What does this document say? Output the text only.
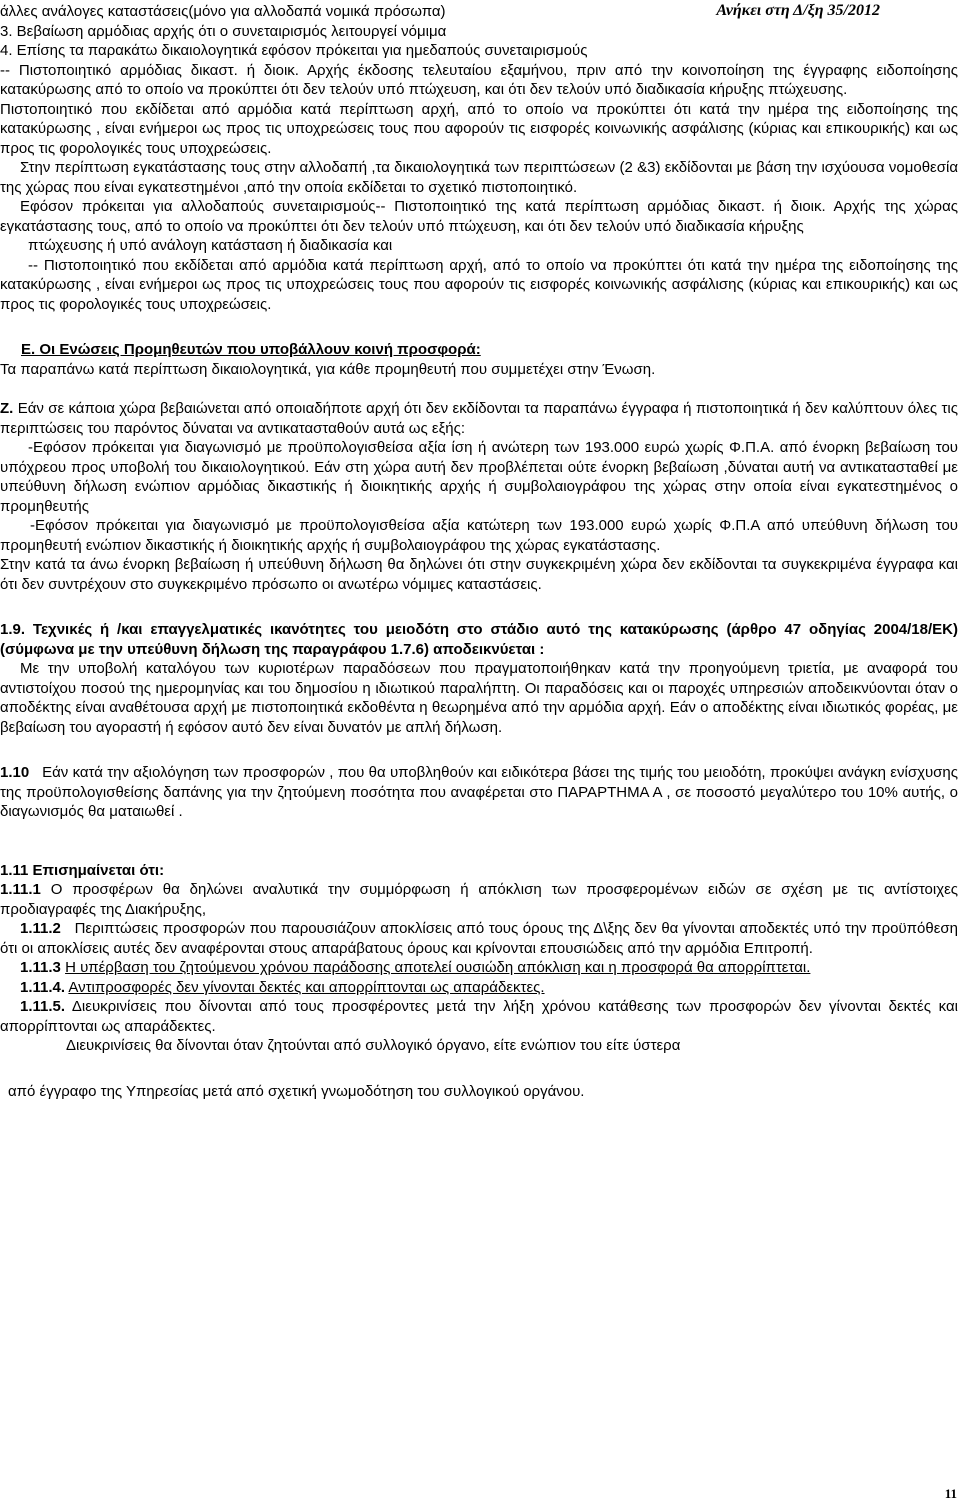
Ανήκει στη Δ/ξη 35/2012

άλλες ανάλογες καταστάσεις(μόνο για αλλοδαπά νομικά πρόσωπα)

3. Βεβαίωση αρμόδιας αρχής ότι ο συνεταιρισμός λειτουργεί νόμιμα

4. Επίσης τα παρακάτω δικαιολογητικά εφόσον πρόκειται για ημεδαπούς συνεταιρισμούς

-- Πιστοποιητικό αρμόδιας δικαστ. ή διοικ. Αρχής έκδοσης τελευταίου εξαμήνου, πριν από την κοινοποίηση της έγγραφης ειδοποίησης κατακύρωσης από το οποίο να προκύπτει ότι δεν τελούν υπό πτώχευση, και ότι δεν τελούν υπό διαδικασία κήρυξης πτώχευσης.

Πιστοποιητικό που εκδίδεται από αρμόδια κατά περίπτωση αρχή, από το οποίο να προκύπτει ότι κατά την ημέρα της ειδοποίησης της κατακύρωσης , είναι ενήμεροι ως προς τις υποχρεώσεις τους που αφορούν τις εισφορές κοινωνικής ασφάλισης (κύριας και επικουρικής) και ως προς τις φορολογικές τους υποχρεώσεις.

Στην περίπτωση εγκατάστασης τους στην αλλοδαπή ,τα δικαιολογητικά των περιπτώσεων (2 &3) εκδίδονται με βάση την ισχύουσα νομοθεσία της χώρας που είναι εγκατεστημένοι ,από την οποία εκδίδεται το σχετικό πιστοποιητικό.

Εφόσον πρόκειται για αλλοδαπούς συνεταιρισμούς-- Πιστοποιητικό της κατά περίπτωση αρμόδιας δικαστ. ή διοικ. Αρχής της χώρας εγκατάστασης τους, από το οποίο να προκύπτει ότι δεν τελούν υπό πτώχευση, και ότι δεν τελούν υπό διαδικασία κήρυξης

πτώχευσης ή υπό ανάλογη κατάσταση ή διαδικασία και

-- Πιστοποιητικό που εκδίδεται από αρμόδια κατά περίπτωση αρχή, από το οποίο να προκύπτει ότι κατά την ημέρα της ειδοποίησης της κατακύρωσης , είναι ενήμεροι ως προς τις υποχρεώσεις τους που αφορούν τις εισφορές κοινωνικής ασφάλισης (κύριας και επικουρικής) και ως προς τις φορολογικές τους υποχρεώσεις.

Ε. Οι Ενώσεις Προμηθευτών που υποβάλλουν κοινή προσφορά:

Τα παραπάνω κατά περίπτωση δικαιολογητικά, για κάθε προμηθευτή που συμμετέχει στην Ένωση.

Ζ. Εάν σε κάποια χώρα βεβαιώνεται από οποιαδήποτε αρχή ότι δεν εκδίδονται τα παραπάνω έγγραφα ή πιστοποιητικά ή δεν καλύπτουν όλες τις περιπτώσεις του παρόντος δύναται να αντικατασταθούν αυτά ως εξής:

-Εφόσον πρόκειται για διαγωνισμό με προϋπολογισθείσα αξία ίση ή ανώτερη των 193.000 ευρώ χωρίς Φ.Π.Α. από ένορκη βεβαίωση του υπόχρεου προς υποβολή του δικαιολογητικού. Εάν στη χώρα αυτή δεν προβλέπεται ούτε ένορκη βεβαίωση ,δύναται αυτή να αντικατασταθεί με υπεύθυνη δήλωση ενώπιον αρμόδιας δικαστικής ή διοικητικής αρχής ή συμβολαιογράφου της χώρας στην οποία είναι εγκατεστημένος ο προμηθευτής

-Εφόσον πρόκειται για διαγωνισμό με προϋπολογισθείσα αξία κατώτερη των 193.000 ευρώ χωρίς Φ.Π.Α από υπεύθυνη δήλωση του προμηθευτή ενώπιον δικαστικής ή διοικητικής αρχής ή συμβολαιογράφου της χώρας εγκατάστασης.

Στην κατά τα άνω ένορκη βεβαίωση ή υπεύθυνη δήλωση θα δηλώνει ότι στην συγκεκριμένη χώρα δεν εκδίδονται τα συγκεκριμένα έγγραφα και ότι δεν συντρέχουν στο συγκεκριμένο πρόσωπο οι ανωτέρω νόμιμες καταστάσεις.

1.9. Τεχνικές ή /και επαγγελματικές ικανότητες του μειοδότη στο στάδιο αυτό της κατακύρωσης (άρθρο 47 οδηγίας 2004/18/ΕΚ) (σύμφωνα με την υπεύθυνη δήλωση της παραγράφου 1.7.6) αποδεικνύεται :

Με την υποβολή καταλόγου των κυριοτέρων παραδόσεων που πραγματοποιήθηκαν κατά την προηγούμενη τριετία, με αναφορά του αντιστοίχου ποσού της ημερομηνίας και του δημοσίου η ιδιωτικού παραλήπτη. Οι παραδόσεις και οι παροχές υπηρεσιών αποδεικνύονται όταν ο αποδέκτης είναι αναθέτουσα αρχή με πιστοποιητικά εκδοθέντα η θεωρημένα από την αρμόδια αρχή. Εάν ο αποδέκτης είναι ιδιωτικός φορέας, με βεβαίωση του αγοραστή ή εφόσον αυτό δεν είναι δυνατόν με απλή δήλωση.

1.10 Εάν κατά την αξιολόγηση των προσφορών , που θα υποβληθούν και ειδικότερα βάσει της τιμής του μειοδότη, προκύψει ανάγκη ενίσχυσης της προϋπολογισθείσης δαπάνης για την ζητούμενη ποσότητα που αναφέρεται στο ΠΑΡΑΡΤΗΜΑ Α , σε ποσοστό μεγαλύτερο του 10% αυτής, ο διαγωνισμός θα ματαιωθεί .

1.11 Επισημαίνεται ότι:

1.11.1 Ο προσφέρων θα δηλώνει αναλυτικά την συμμόρφωση ή απόκλιση των προσφερομένων ειδών σε σχέση με τις αντίστοιχες προδιαγραφές της Διακήρυξης,

1.11.2 Περιπτώσεις προσφορών που παρουσιάζουν αποκλίσεις από τους όρους της Δ\ξης δεν θα γίνονται αποδεκτές υπό την προϋπόθεση ότι οι αποκλίσεις αυτές δεν αναφέρονται στους απαράβατους όρους και κρίνονται επουσιώδεις από την αρμόδια Επιτροπή.

1.11.3 Η υπέρβαση του ζητούμενου χρόνου παράδοσης αποτελεί ουσιώδη απόκλιση και η προσφορά θα απορρίπτεται.

1.11.4. Αντιπροσφορές δεν γίνονται δεκτές και απορρίπτονται ως απαράδεκτες.

1.11.5. Διευκρινίσεις που δίνονται από τους προσφέροντες μετά την λήξη χρόνου κατάθεσης των προσφορών δεν γίνονται δεκτές και απορρίπτονται ως απαράδεκτες.

Διευκρινίσεις θα δίνονται όταν ζητούνται από συλλογικό όργανο, είτε ενώπιον του είτε ύστερα

από έγγραφο της Υπηρεσίας μετά από σχετική γνωμοδότηση του συλλογικού οργάνου.

11
